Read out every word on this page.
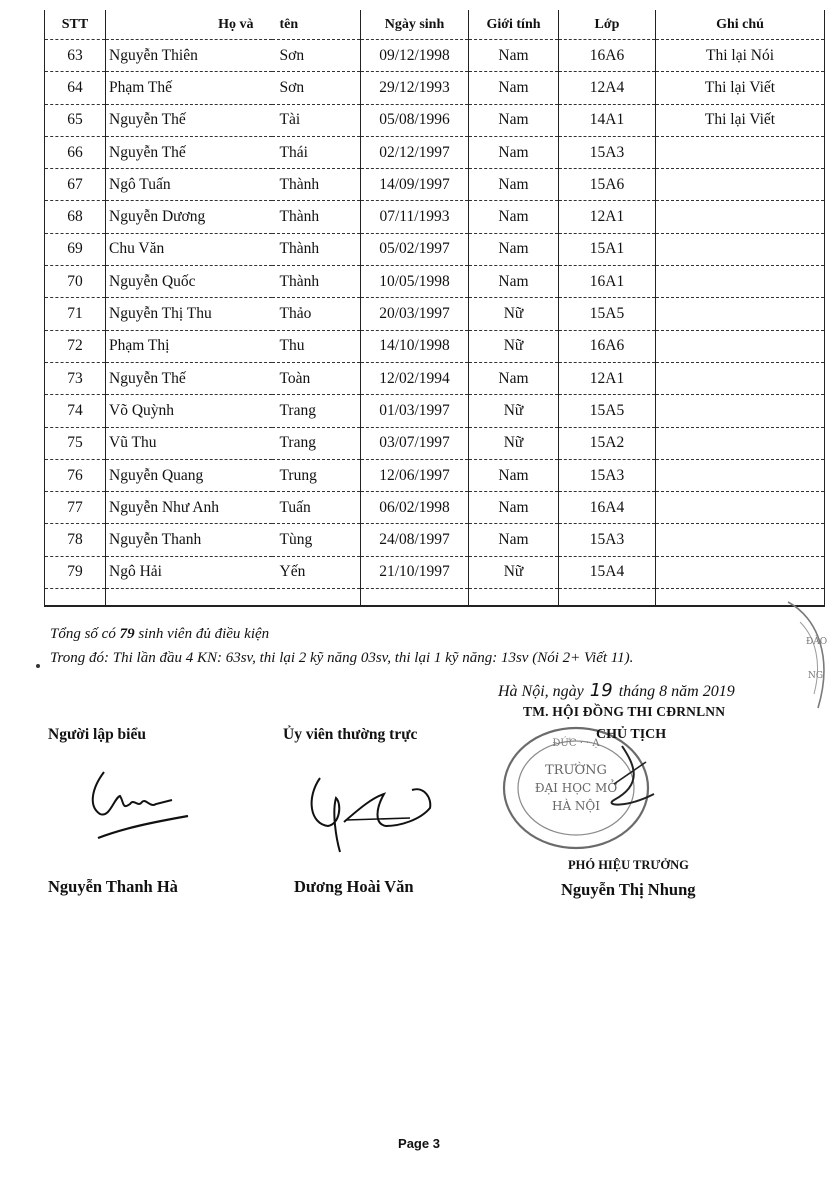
STT	Họ và	tên	Ngày sinh	Giới tính	Lớp	Ghi chú
63	Nguyễn Thiên	Sơn	09/12/1998	Nam	16A6	Thi lại Nói
64	Phạm Thế	Sơn	29/12/1993	Nam	12A4	Thi lại Viết
65	Nguyễn Thế	Tài	05/08/1996	Nam	14A1	Thi lại Viết
66	Nguyễn Thế	Thái	02/12/1997	Nam	15A3	
67	Ngô Tuấn	Thành	14/09/1997	Nam	15A6	
68	Nguyễn Dương	Thành	07/11/1993	Nam	12A1	
69	Chu Văn	Thành	05/02/1997	Nam	15A1	
70	Nguyễn Quốc	Thành	10/05/1998	Nam	16A1	
71	Nguyễn Thị Thu	Thảo	20/03/1997	Nữ	15A5	
72	Phạm Thị	Thu	14/10/1998	Nữ	16A6	
73	Nguyễn Thế	Toàn	12/02/1994	Nam	12A1	
74	Võ Quỳnh	Trang	01/03/1997	Nữ	15A5	
75	Vũ Thu	Trang	03/07/1997	Nữ	15A2	
76	Nguyễn Quang	Trung	12/06/1997	Nam	15A3	
77	Nguyễn Như Anh	Tuấn	06/02/1998	Nam	16A4	
78	Nguyễn Thanh	Tùng	24/08/1997	Nam	15A3	
79	Ngô Hải	Yến	21/10/1997	Nữ	15A4	

Tổng số có 79 sinh viên đủ điều kiện
Trong đó: Thi lần đầu 4 KN: 63sv, thi lại 2 kỹ năng 03sv, thi lại 1 kỹ năng: 13sv (Nói 2+ Viết 11).
Hà Nội, ngày 19 tháng 8 năm 2019
TM. HỘI ĐỒNG THI CĐRNLNN
ĐỨC · · Ạ
TRƯỜNG
ĐẠI HỌC MỞ
HÀ NỘI
CHỦ TỊCH
ĐÀO
NG
Người lập biểu	Ủy viên thường trực
PHÓ HIỆU TRƯỞNG
Nguyễn Thanh Hà	Dương Hoài Văn	Nguyễn Thị Nhung
Page 3
